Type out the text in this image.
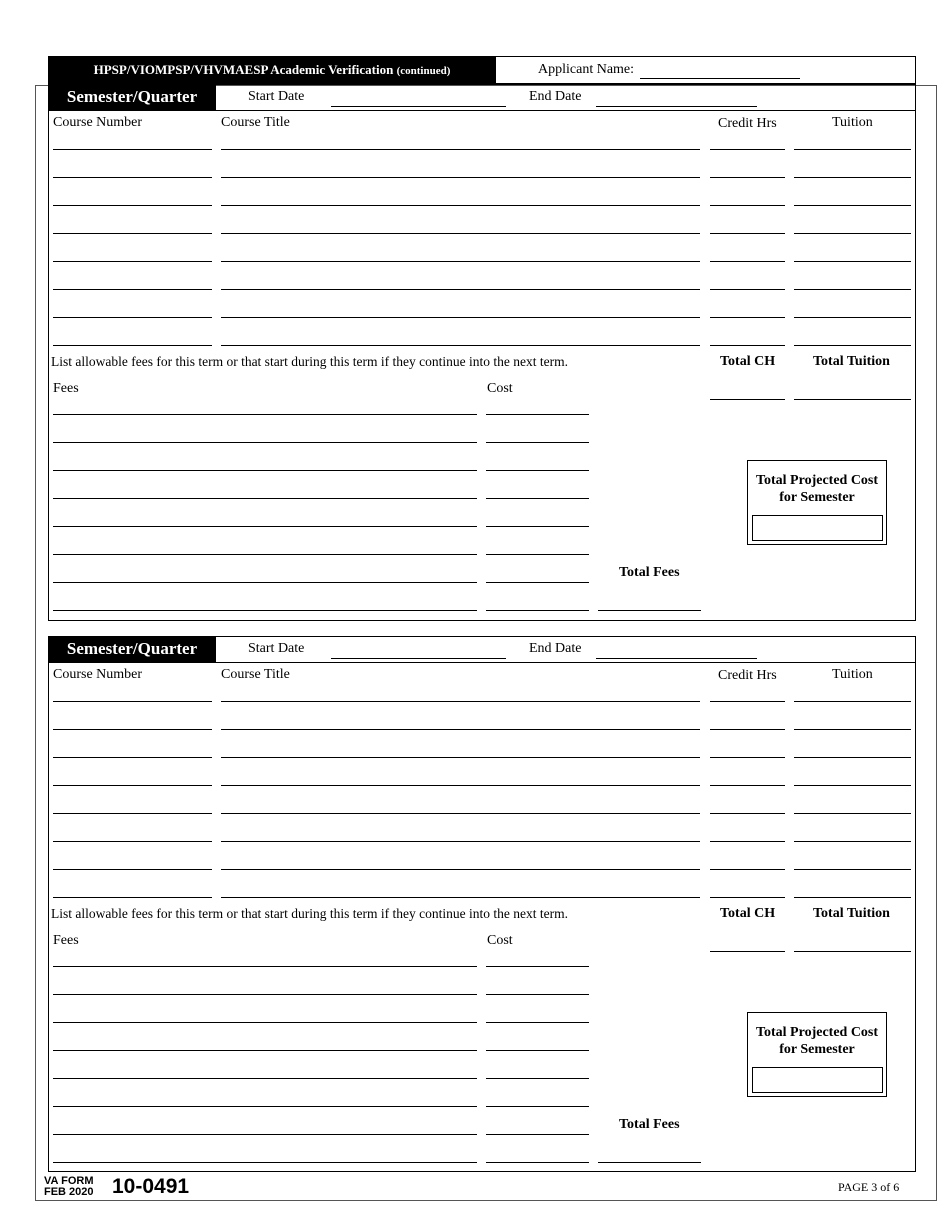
HPSP/VIOMPSP/VHVMAESP Academic Verification (continued)	Applicant Name:
Semester/Quarter	Start Date	End Date
Course Number	Course Title	Credit Hrs	Tuition
List allowable fees for this term or that start during this term if they continue into the next term.	Total CH	Total Tuition
Fees	Cost
Total Fees
Total Projected Cost
for Semester
Semester/Quarter	Start Date	End Date
Course Number	Course Title	Credit Hrs	Tuition
List allowable fees for this term or that start during this term if they continue into the next term.	Total CH	Total Tuition
Fees	Cost
Total Fees
Total Projected Cost
for Semester
VA FORM
FEB 2020 10-0491	PAGE 3 of 6
